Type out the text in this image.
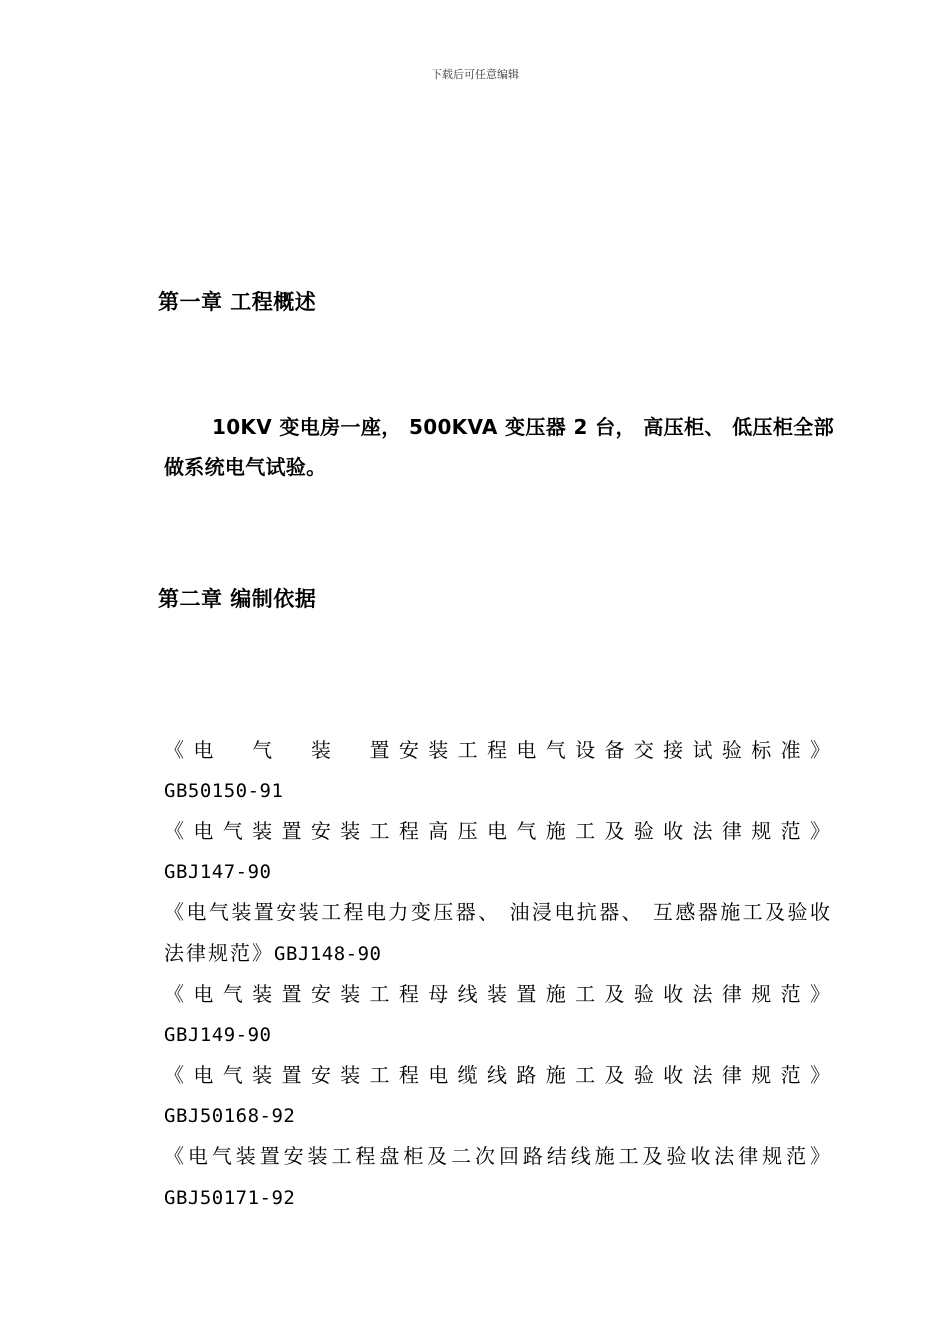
下载后可任意编辑
第一章 工程概述

10KV 变电房一座， 500KVA 变压器 2 台， 高压柜、 低压柜全部做系统电气试验。

第二章 编制依据
《电　气　装　置安装工程电气设备交接试验标准》
GB50150-91
《电气装置安装工程高压电气施工及验收法律规范》
GBJ147-90
《电气装置安装工程电力变压器、 油浸电抗器、 互感器施工及验收法律规范》GBJ148-90
《电气装置安装工程母线装置施工及验收法律规范》
GBJ149-90
《电气装置安装工程电缆线路施工及验收法律规范》
GBJ50168-92
《电气装置安装工程盘柜及二次回路结线施工及验收法律规范》GBJ50171-92
